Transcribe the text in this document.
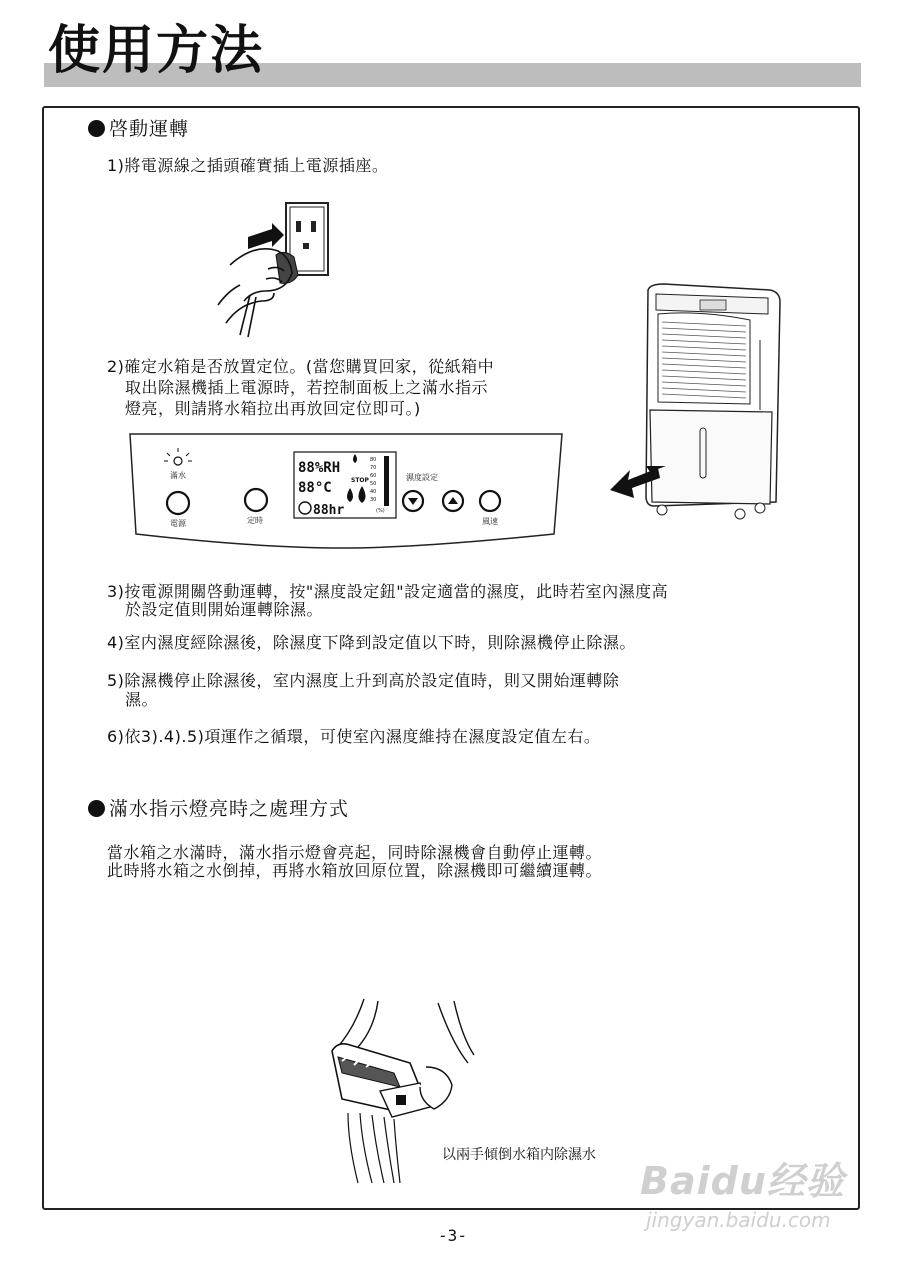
使用方法
啓動運轉
1)將電源線之插頭確實插上電源插座。
2)確定水箱是否放置定位。(當您購買回家，從紙箱中
取出除濕機插上電源時，若控制面板上之滿水指示
燈亮，則請將水箱拉出再放回定位即可。)
滿水
電源	定時
88%RH
88°C
88hr
STOP
80
70
60
50
40
30
(%)
濕度設定
風速
3)按電源開關啓動運轉，按"濕度設定鈕"設定適當的濕度，此時若室內濕度高
於設定值則開始運轉除濕。
4)室内濕度經除濕後，除濕度下降到設定值以下時，則除濕機停止除濕。
5)除濕機停止除濕後，室内濕度上升到高於設定值時，則又開始運轉除
濕。
6)依3).4).5)項運作之循環，可使室內濕度維持在濕度設定值左右。
滿水指示燈亮時之處理方式
當水箱之水滿時，滿水指示燈會亮起，同時除濕機會自動停止運轉。
此時將水箱之水倒掉，再將水箱放回原位置，除濕機即可繼續運轉。
以兩手傾倒水箱内除濕水
Baidu经验
jingyan.baidu.com
-3-
